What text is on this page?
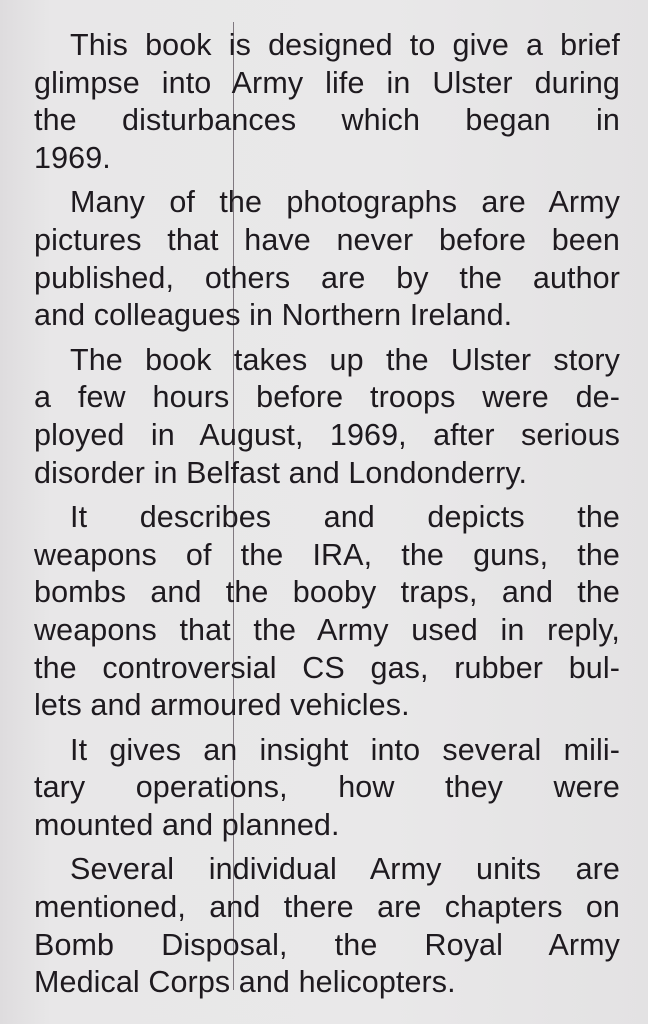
This book is designed to give a brief
glimpse into Army life in Ulster during
the disturbances which began in
1969.
Many of the photographs are Army
pictures that have never before been
published, others are by the author
and colleagues in Northern Ireland.
The book takes up the Ulster story
a few hours before troops were de-
ployed in August, 1969, after serious
disorder in Belfast and Londonderry.
It describes and depicts the
weapons of the IRA, the guns, the
bombs and the booby traps, and the
weapons that the Army used in reply,
the controversial CS gas, rubber bul-
lets and armoured vehicles.
It gives an insight into several mili-
tary operations, how they were
mounted and planned.
Several individual Army units are
mentioned, and there are chapters on
Bomb Disposal, the Royal Army
Medical Corps and helicopters.
